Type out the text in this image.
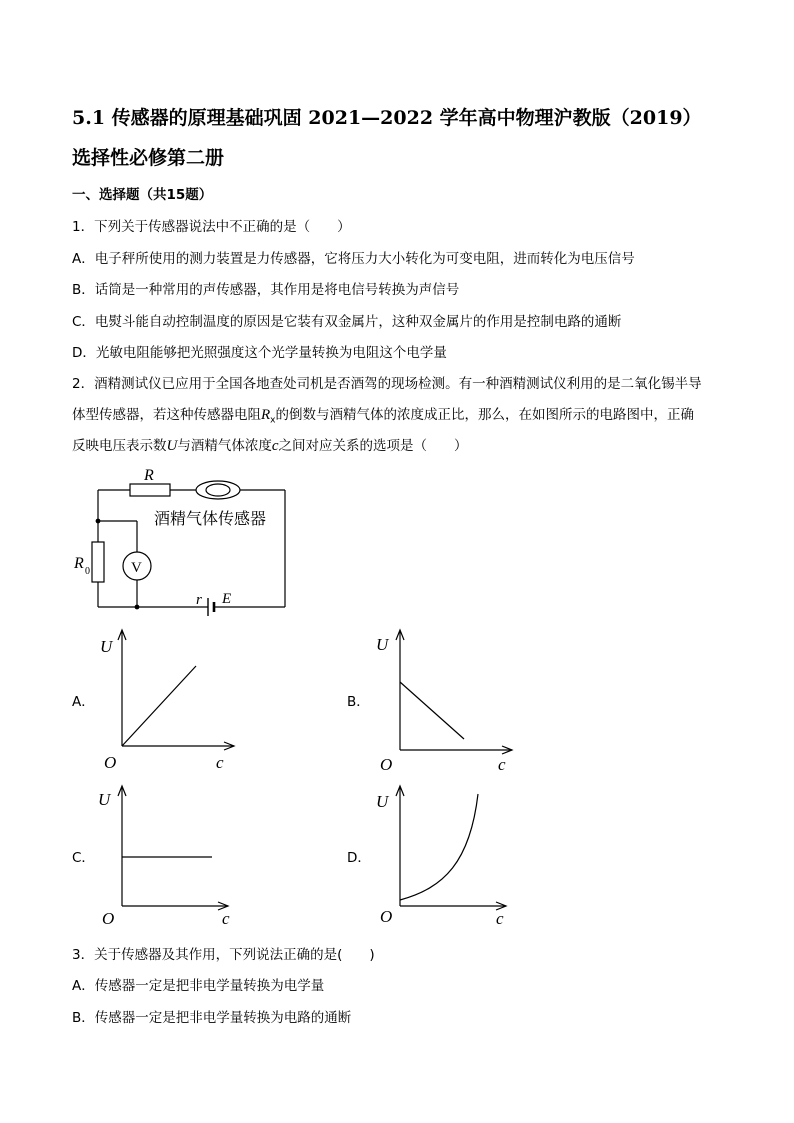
5.1 传感器的原理基础巩固 2021—2022 学年高中物理沪教版（2019）
选择性必修第二册
一、选择题（共15题）
1．下列关于传感器说法中不正确的是（　　）
A．电子秤所使用的测力装置是力传感器，它将压力大小转化为可变电阻，进而转化为电压信号
B．话筒是一种常用的声传感器，其作用是将电信号转换为声信号
C．电熨斗能自动控制温度的原因是它装有双金属片，这种双金属片的作用是控制电路的通断
D．光敏电阻能够把光照强度这个光学量转换为电阻这个电学量
2．酒精测试仪已应用于全国各地查处司机是否酒驾的现场检测。有一种酒精测试仪利用的是二氧化锡半导
体型传感器，若这种传感器电阻$R_x$的倒数与酒精气体的浓度成正比，那么，在如图所示的电路图中，正确
反映电压表示数U与酒精气体浓度c之间对应关系的选项是（　　）
R
酒精气体传感器
R 0	V
r E
A．
U
O	c
B．
U
O	c
C．
U
O	c
D．
U
O	c
3．关于传感器及其作用，下列说法正确的是(　　)
A．传感器一定是把非电学量转换为电学量
B．传感器一定是把非电学量转换为电路的通断
